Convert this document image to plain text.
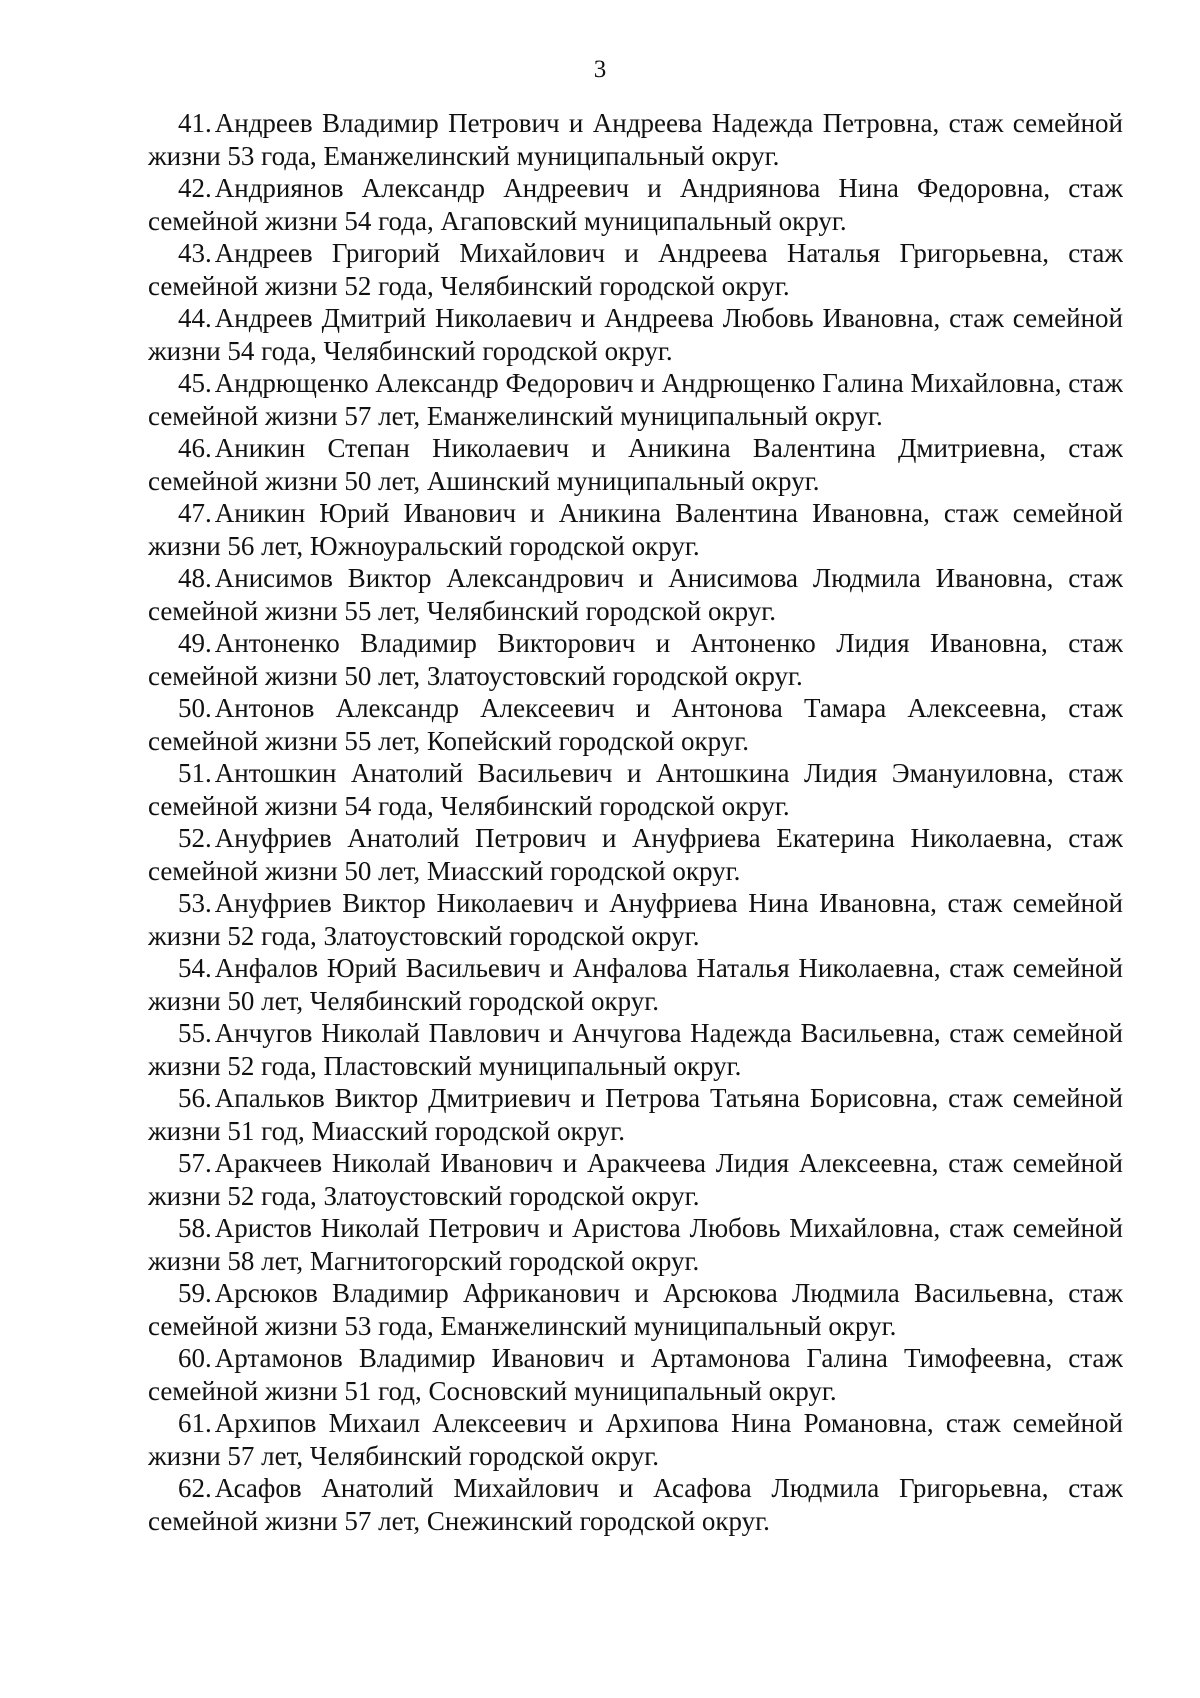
3

41. Андреев Владимир Петрович и Андреева Надежда Петровна, стаж семейной жизни 53 года, Еманжелинский муниципальный округ.

42. Андриянов Александр Андреевич и Андриянова Нина Федоровна, стаж семейной жизни 54 года, Агаповский муниципальный округ.

43. Андреев Григорий Михайлович и Андреева Наталья Григорьевна, стаж семейной жизни 52 года, Челябинский городской округ.

44. Андреев Дмитрий Николаевич и Андреева Любовь Ивановна, стаж семейной жизни 54 года, Челябинский городской округ.

45. Андрющенко Александр Федорович и Андрющенко Галина Михайловна, стаж семейной жизни 57 лет, Еманжелинский муниципальный округ.

46. Аникин Степан Николаевич и Аникина Валентина Дмитриевна, стаж семейной жизни 50 лет, Ашинский муниципальный округ.

47. Аникин Юрий Иванович и Аникина Валентина Ивановна, стаж семейной жизни 56 лет, Южноуральский городской округ.

48. Анисимов Виктор Александрович и Анисимова Людмила Ивановна, стаж семейной жизни 55 лет, Челябинский городской округ.

49. Антоненко Владимир Викторович и Антоненко Лидия Ивановна, стаж семейной жизни 50 лет, Златоустовский городской округ.

50. Антонов Александр Алексеевич и Антонова Тамара Алексеевна, стаж семейной жизни 55 лет, Копейский городской округ.

51. Антошкин Анатолий Васильевич и Антошкина Лидия Эмануиловна, стаж семейной жизни 54 года, Челябинский городской округ.

52. Ануфриев Анатолий Петрович и Ануфриева Екатерина Николаевна, стаж семейной жизни 50 лет, Миасский городской округ.

53. Ануфриев Виктор Николаевич и Ануфриева Нина Ивановна, стаж семейной жизни 52 года, Златоустовский городской округ.

54. Анфалов Юрий Васильевич и Анфалова Наталья Николаевна, стаж семейной жизни 50 лет, Челябинский городской округ.

55. Анчугов Николай Павлович и Анчугова Надежда Васильевна, стаж семейной жизни 52 года, Пластовский муниципальный округ.

56. Апальков Виктор Дмитриевич и Петрова Татьяна Борисовна, стаж семейной жизни 51 год, Миасский городской округ.

57. Аракчеев Николай Иванович и Аракчеева Лидия Алексеевна, стаж семейной жизни 52 года, Златоустовский городской округ.

58. Аристов Николай Петрович и Аристова Любовь Михайловна, стаж семейной жизни 58 лет, Магнитогорский городской округ.

59. Арсюков Владимир Африканович и Арсюкова Людмила Васильевна, стаж семейной жизни 53 года, Еманжелинский муниципальный округ.

60. Артамонов Владимир Иванович и Артамонова Галина Тимофеевна, стаж семейной жизни 51 год, Сосновский муниципальный округ.

61. Архипов Михаил Алексеевич и Архипова Нина Романовна, стаж семейной жизни 57 лет, Челябинский городской округ.

62. Асафов Анатолий Михайлович и Асафова Людмила Григорьевна, стаж семейной жизни 57 лет, Снежинский городской округ.
